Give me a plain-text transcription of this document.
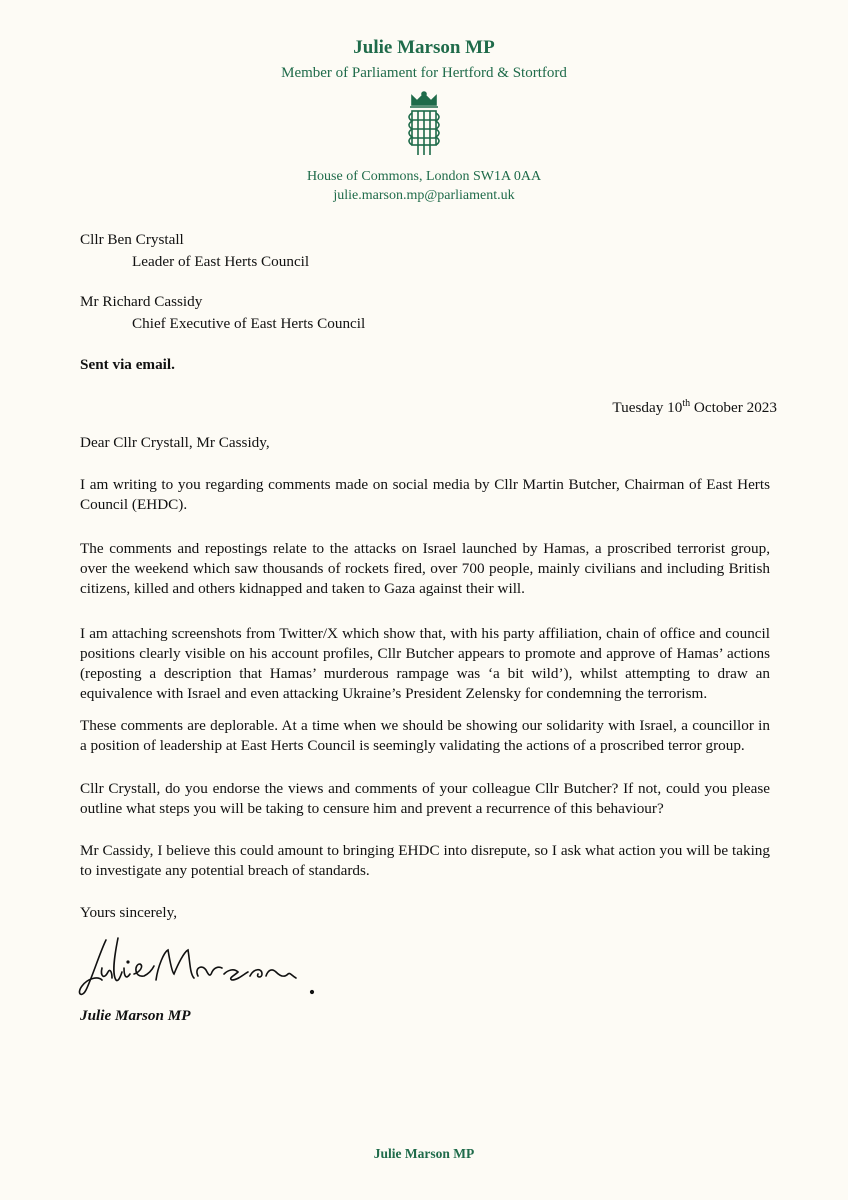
Julie Marson MP
Member of Parliament for Hertford & Stortford
House of Commons, London SW1A 0AA
julie.marson.mp@parliament.uk
Cllr Ben Crystall
Leader of East Herts Council
Mr Richard Cassidy
Chief Executive of East Herts Council
Sent via email.
Tuesday 10th October 2023
Dear Cllr Crystall, Mr Cassidy,
I am writing to you regarding comments made on social media by Cllr Martin Butcher, Chairman of East Herts Council (EHDC).
The comments and repostings relate to the attacks on Israel launched by Hamas, a proscribed terrorist group, over the weekend which saw thousands of rockets fired, over 700 people, mainly civilians and including British citizens, killed and others kidnapped and taken to Gaza against their will.
I am attaching screenshots from Twitter/X which show that, with his party affiliation, chain of office and council positions clearly visible on his account profiles, Cllr Butcher appears to promote and approve of Hamas’ actions (reposting a description that Hamas’ murderous rampage was ‘a bit wild’), whilst attempting to draw an equivalence with Israel and even attacking Ukraine’s President Zelensky for condemning the terrorism.
These comments are deplorable. At a time when we should be showing our solidarity with Israel, a councillor in a position of leadership at East Herts Council is seemingly validating the actions of a proscribed terror group.
Cllr Crystall, do you endorse the views and comments of your colleague Cllr Butcher? If not, could you please outline what steps you will be taking to censure him and prevent a recurrence of this behaviour?
Mr Cassidy, I believe this could amount to bringing EHDC into disrepute, so I ask what action you will be taking to investigate any potential breach of standards.
Yours sincerely,
Julie Marson MP
Julie Marson MP
